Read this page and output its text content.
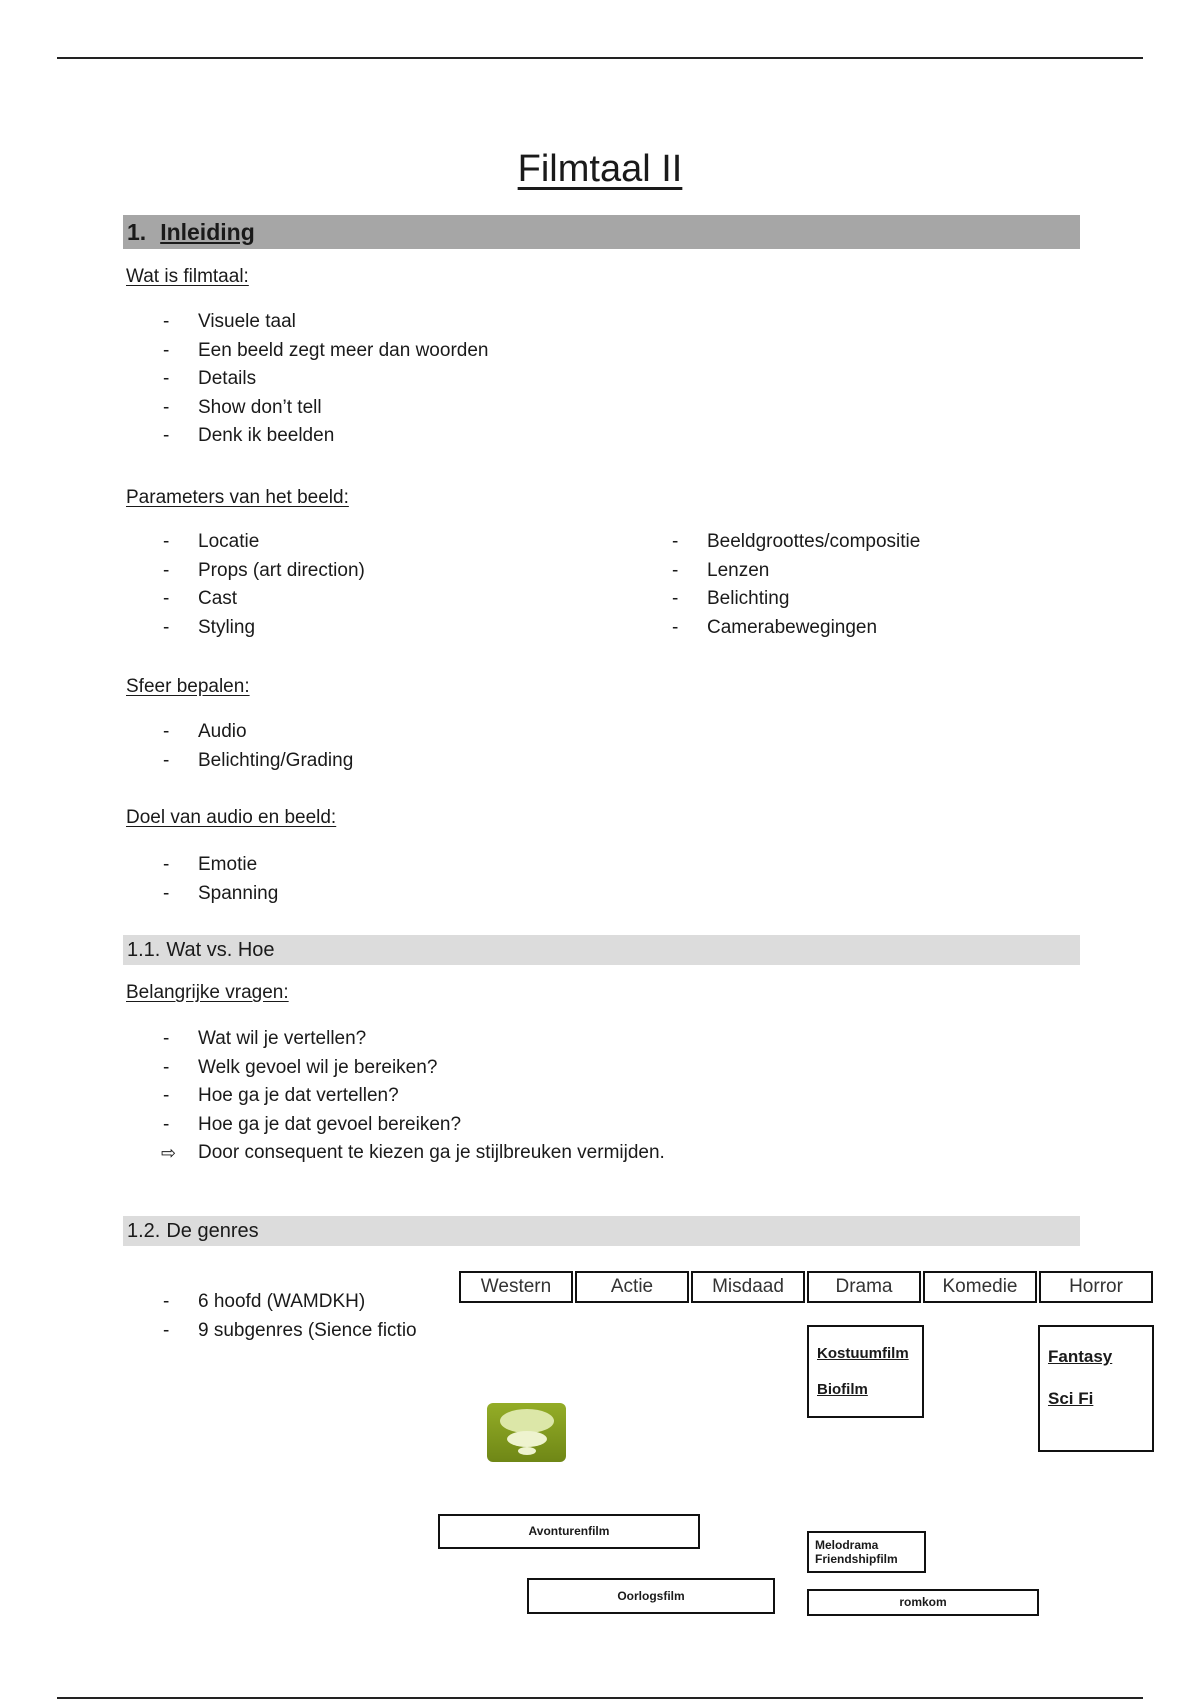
Filmtaal II
1. Inleiding
Wat is filmtaal:
- Visuele taal
- Een beeld zegt meer dan woorden
- Details
- Show don’t tell
- Denk ik beelden
Parameters van het beeld:
- Locatie
- Props (art direction)
- Cast
- Styling
- Beeldgroottes/compositie
- Lenzen
- Belichting
- Camerabewegingen
Sfeer bepalen:
- Audio
- Belichting/Grading
Doel van audio en beeld:
- Emotie
- Spanning
1.1. Wat vs. Hoe
Belangrijke vragen:
- Wat wil je vertellen?
- Welk gevoel wil je bereiken?
- Hoe ga je dat vertellen?
- Hoe ga je dat gevoel bereiken?
⇨ Door consequent te kiezen ga je stijlbreuken vermijden.
1.2. De genres
- 6 hoofd (WAMDKH)
- 9 subgenres (Sience fictio
Western	Actie	Misdaad	Drama	Komedie	Horror
Kostuumfilm
Biofilm
Fantasy
Sci Fi
Avonturenfilm
Oorlogsfilm
Melodrama
Friendshipfilm
romkom
